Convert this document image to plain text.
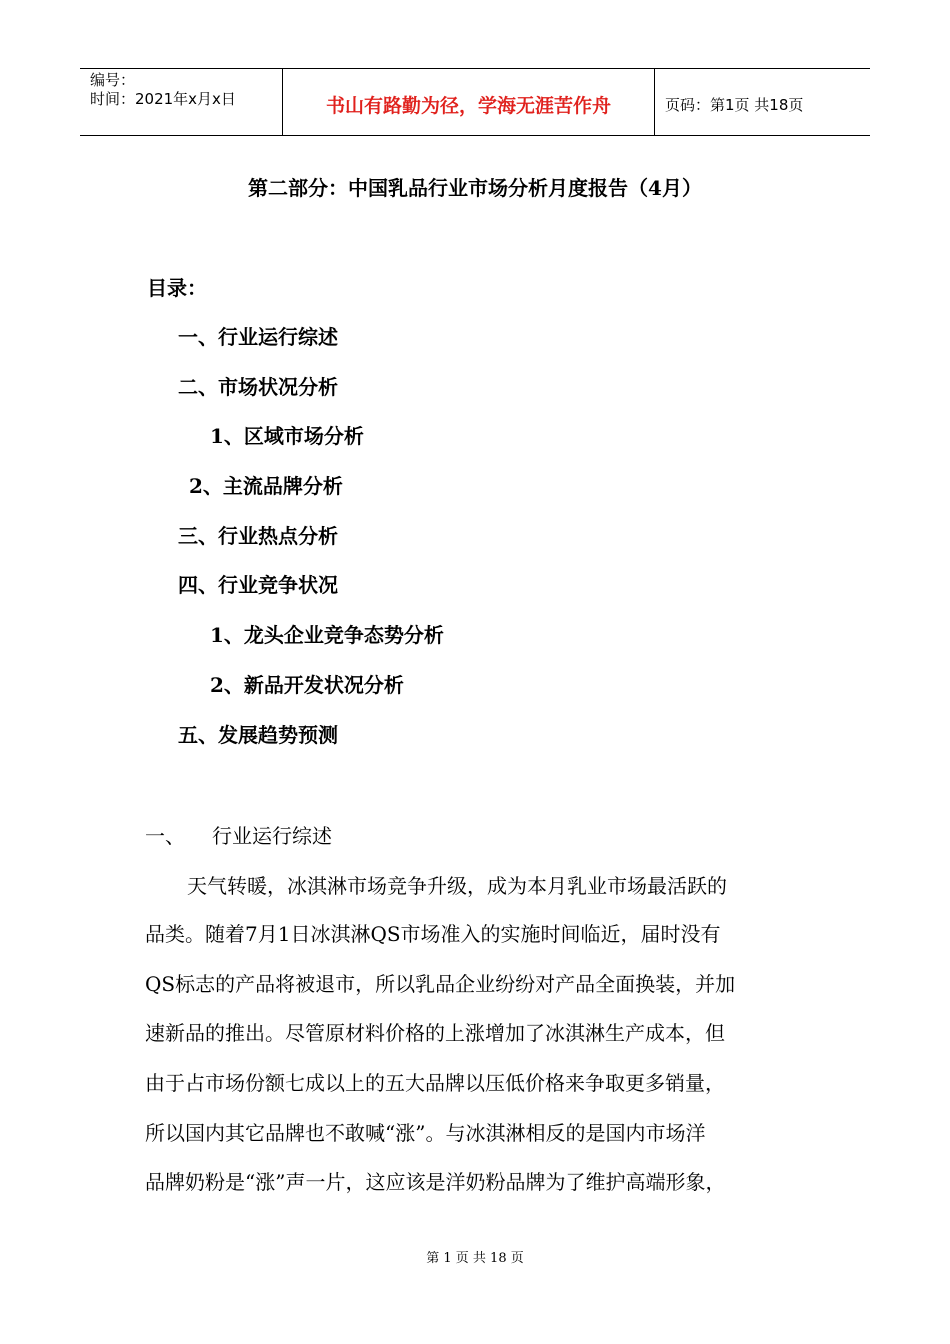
编号：
时间：2021年x月x日	书山有路勤为径，学海无涯苦作舟	页码：第1页 共18页
第二部分：中国乳品行业市场分析月度报告（4月）
目录：
一、行业运行综述
二、市场状况分析
1、区域市场分析
2、主流品牌分析
三、行业热点分析
四、行业竞争状况
1、龙头企业竞争态势分析
2、新品开发状况分析
五、发展趋势预测
一、 行业运行综述
天气转暖，冰淇淋市场竞争升级，成为本月乳业市场最活跃的
品类。随着7月1日冰淇淋QS市场准入的实施时间临近，届时没有
QS标志的产品将被退市，所以乳品企业纷纷对产品全面换装，并加
速新品的推出。尽管原材料价格的上涨增加了冰淇淋生产成本，但
由于占市场份额七成以上的五大品牌以压低价格来争取更多销量，
所以国内其它品牌也不敢喊“涨”。与冰淇淋相反的是国内市场洋
品牌奶粉是“涨”声一片，这应该是洋奶粉品牌为了维护高端形象，
第 1 页 共 18 页
